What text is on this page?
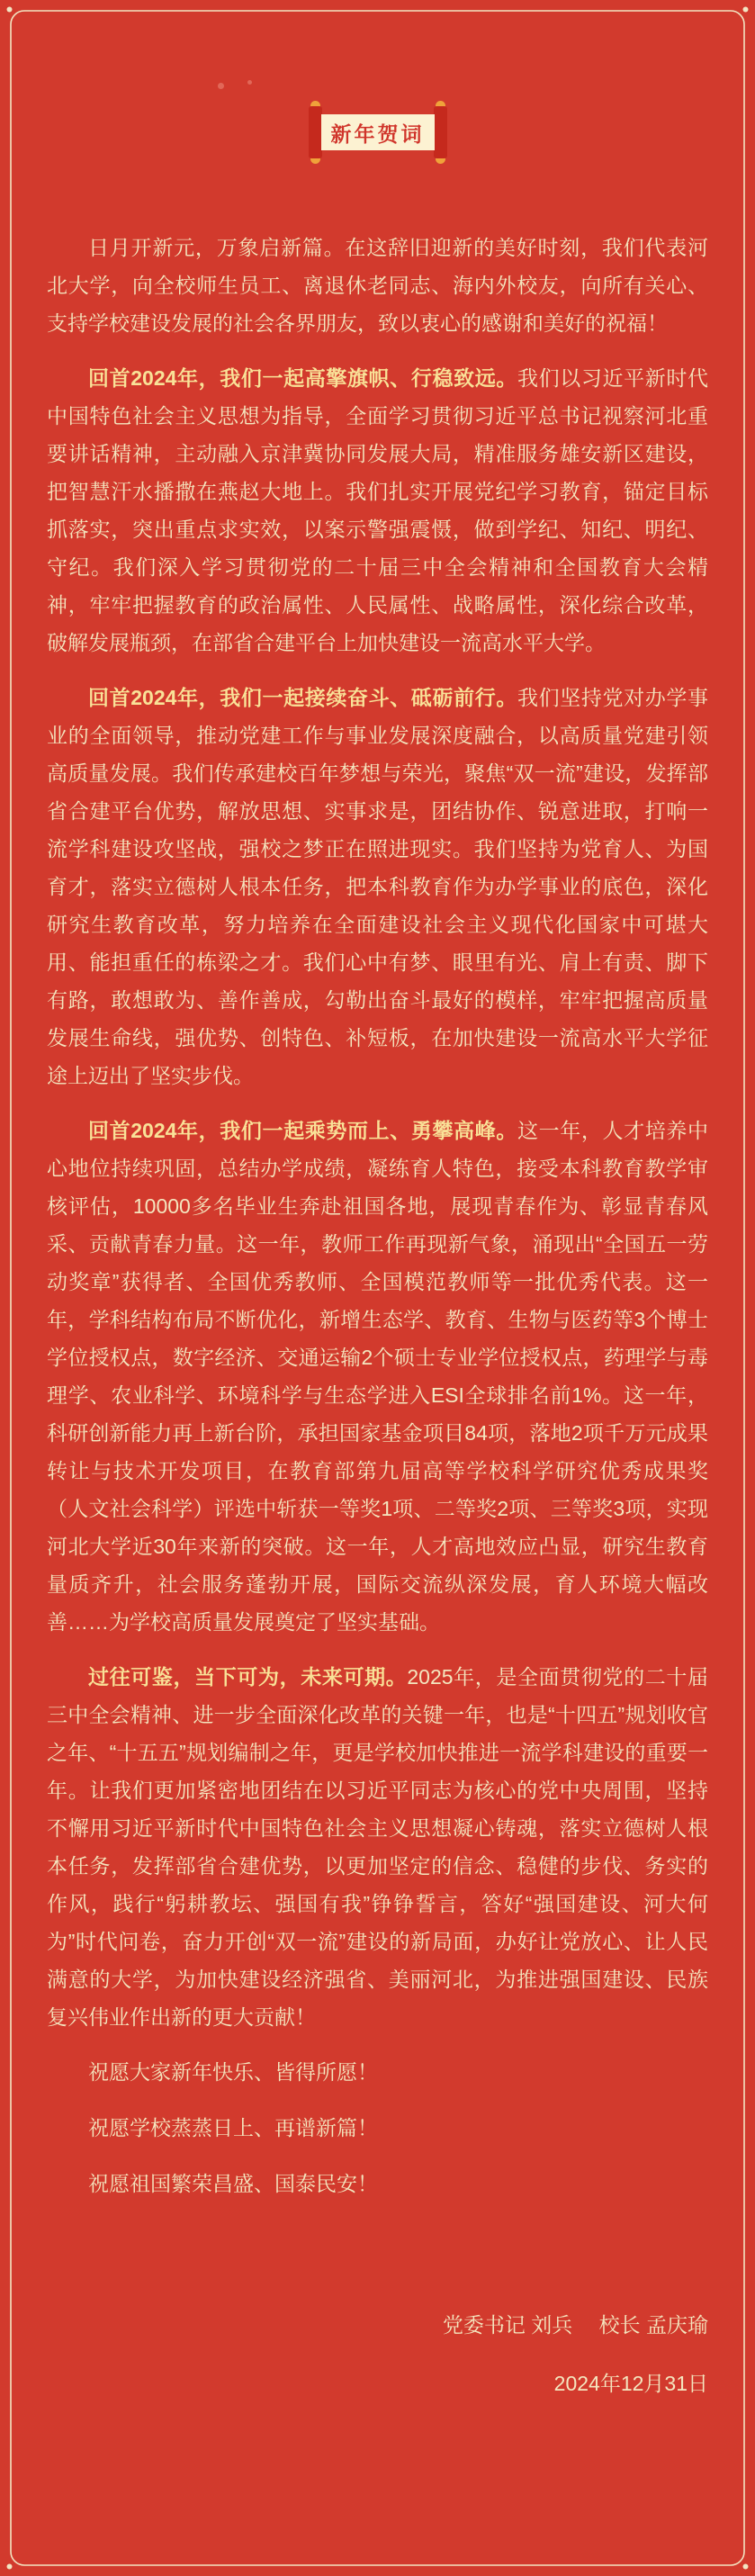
新年贺词

日月开新元，万象启新篇。在这辞旧迎新的美好时刻，我们代表河北大学，向全校师生员工、离退休老同志、海内外校友，向所有关心、支持学校建设发展的社会各界朋友，致以衷心的感谢和美好的祝福！

回首2024年，我们一起高擎旗帜、行稳致远。我们以习近平新时代中国特色社会主义思想为指导，全面学习贯彻习近平总书记视察河北重要讲话精神，主动融入京津冀协同发展大局，精准服务雄安新区建设，把智慧汗水播撒在燕赵大地上。我们扎实开展党纪学习教育，锚定目标抓落实，突出重点求实效，以案示警强震慑，做到学纪、知纪、明纪、守纪。我们深入学习贯彻党的二十届三中全会精神和全国教育大会精神，牢牢把握教育的政治属性、人民属性、战略属性，深化综合改革，破解发展瓶颈，在部省合建平台上加快建设一流高水平大学。

回首2024年，我们一起接续奋斗、砥砺前行。我们坚持党对办学事业的全面领导，推动党建工作与事业发展深度融合，以高质量党建引领高质量发展。我们传承建校百年梦想与荣光，聚焦“双一流”建设，发挥部省合建平台优势，解放思想、实事求是，团结协作、锐意进取，打响一流学科建设攻坚战，强校之梦正在照进现实。我们坚持为党育人、为国育才，落实立德树人根本任务，把本科教育作为办学事业的底色，深化研究生教育改革，努力培养在全面建设社会主义现代化国家中可堪大用、能担重任的栋梁之才。我们心中有梦、眼里有光、肩上有责、脚下有路，敢想敢为、善作善成，勾勒出奋斗最好的模样，牢牢把握高质量发展生命线，强优势、创特色、补短板，在加快建设一流高水平大学征途上迈出了坚实步伐。

回首2024年，我们一起乘势而上、勇攀高峰。这一年，人才培养中心地位持续巩固，总结办学成绩，凝练育人特色，接受本科教育教学审核评估，10000多名毕业生奔赴祖国各地，展现青春作为、彰显青春风采、贡献青春力量。这一年，教师工作再现新气象，涌现出“全国五一劳动奖章”获得者、全国优秀教师、全国模范教师等一批优秀代表。这一年，学科结构布局不断优化，新增生态学、教育、生物与医药等3个博士学位授权点，数字经济、交通运输2个硕士专业学位授权点，药理学与毒理学、农业科学、环境科学与生态学进入ESI全球排名前1%。这一年，科研创新能力再上新台阶，承担国家基金项目84项，落地2项千万元成果转让与技术开发项目，在教育部第九届高等学校科学研究优秀成果奖（人文社会科学）评选中斩获一等奖1项、二等奖2项、三等奖3项，实现河北大学近30年来新的突破。这一年，人才高地效应凸显，研究生教育量质齐升，社会服务蓬勃开展，国际交流纵深发展，育人环境大幅改善……为学校高质量发展奠定了坚实基础。

过往可鉴，当下可为，未来可期。2025年，是全面贯彻党的二十届三中全会精神、进一步全面深化改革的关键一年，也是“十四五”规划收官之年、“十五五”规划编制之年，更是学校加快推进一流学科建设的重要一年。让我们更加紧密地团结在以习近平同志为核心的党中央周围，坚持不懈用习近平新时代中国特色社会主义思想凝心铸魂，落实立德树人根本任务，发挥部省合建优势，以更加坚定的信念、稳健的步伐、务实的作风，践行“躬耕教坛、强国有我”铮铮誓言，答好“强国建设、河大何为”时代问卷，奋力开创“双一流”建设的新局面，办好让党放心、让人民满意的大学，为加快建设经济强省、美丽河北，为推进强国建设、民族复兴伟业作出新的更大贡献！

祝愿大家新年快乐、皆得所愿！

祝愿学校蒸蒸日上、再谱新篇！

祝愿祖国繁荣昌盛、国泰民安！

党委书记 刘兵　 校长 孟庆瑜

2024年12月31日
